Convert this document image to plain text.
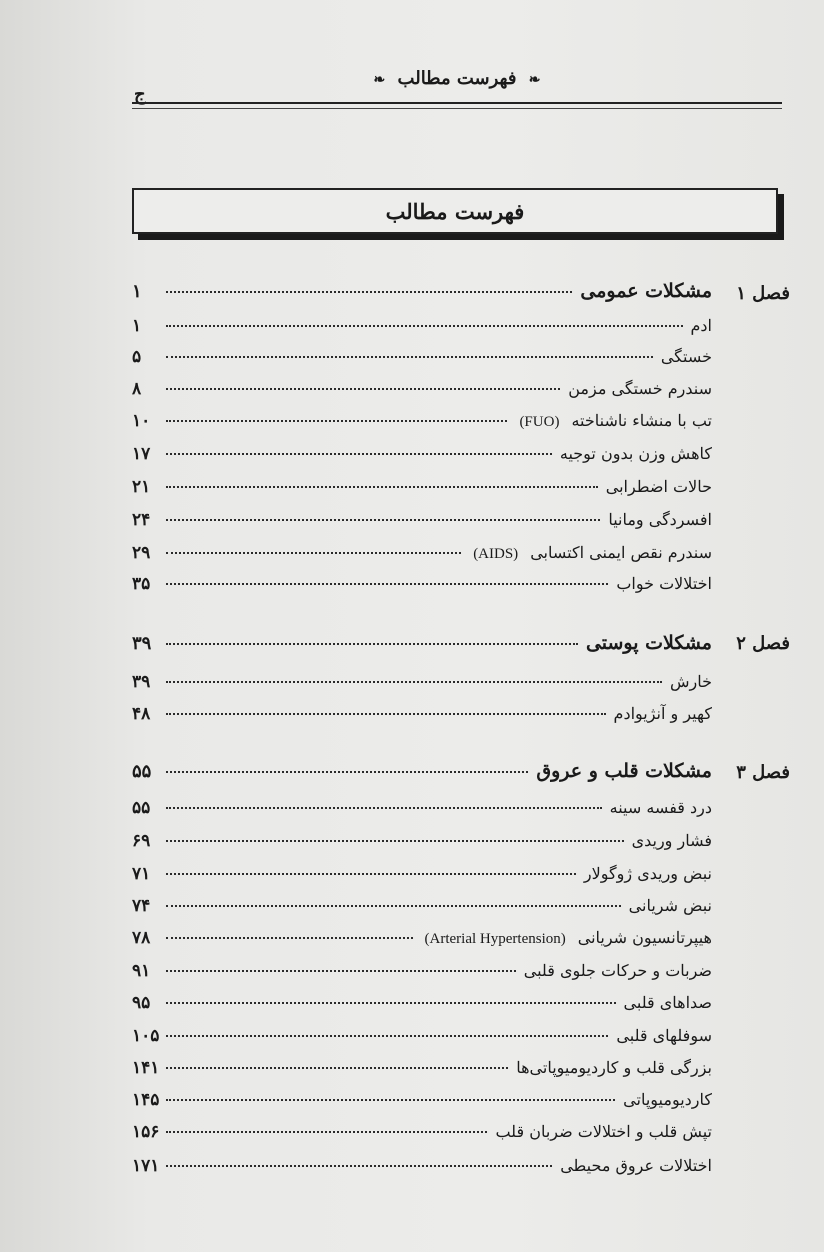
❧ فهرست مطالب ❧
ج
فهرست مطالب
فصل ۱
مشکلات عمومی
۱
ادم
۱
خستگی
۵
سندرم خستگی مزمن
۸
تب با منشاء ناشناخته
(FUO)
۱۰
کاهش وزن بدون توجیه
۱۷
حالات اضطرابی
۲۱
افسردگی ومانیا
۲۴
سندرم نقص ایمنی اکتسابی
(AIDS)
۲۹
اختلالات خواب
۳۵
فصل ۲
مشکلات پوستی
۳۹
خارش
۳۹
کهیر و آنژیوادم
۴۸
فصل ۳
مشکلات قلب و عروق
۵۵
درد قفسه سینه
۵۵
فشار وریدی
۶۹
نبض وریدی ژوگولار
۷۱
نبض شریانی
۷۴
هیپرتانسیون شریانی
(Arterial Hypertension)
۷۸
ضربات و حرکات جلوی قلبی
۹۱
صداهای قلبی
۹۵
سوفلهای قلبی
۱۰۵
بزرگی قلب و کاردیومیوپاتی‌ها
۱۴۱
کاردیومیوپاتی
۱۴۵
تپش قلب و اختلالات ضربان قلب
۱۵۶
اختلالات عروق محیطی
۱۷۱
